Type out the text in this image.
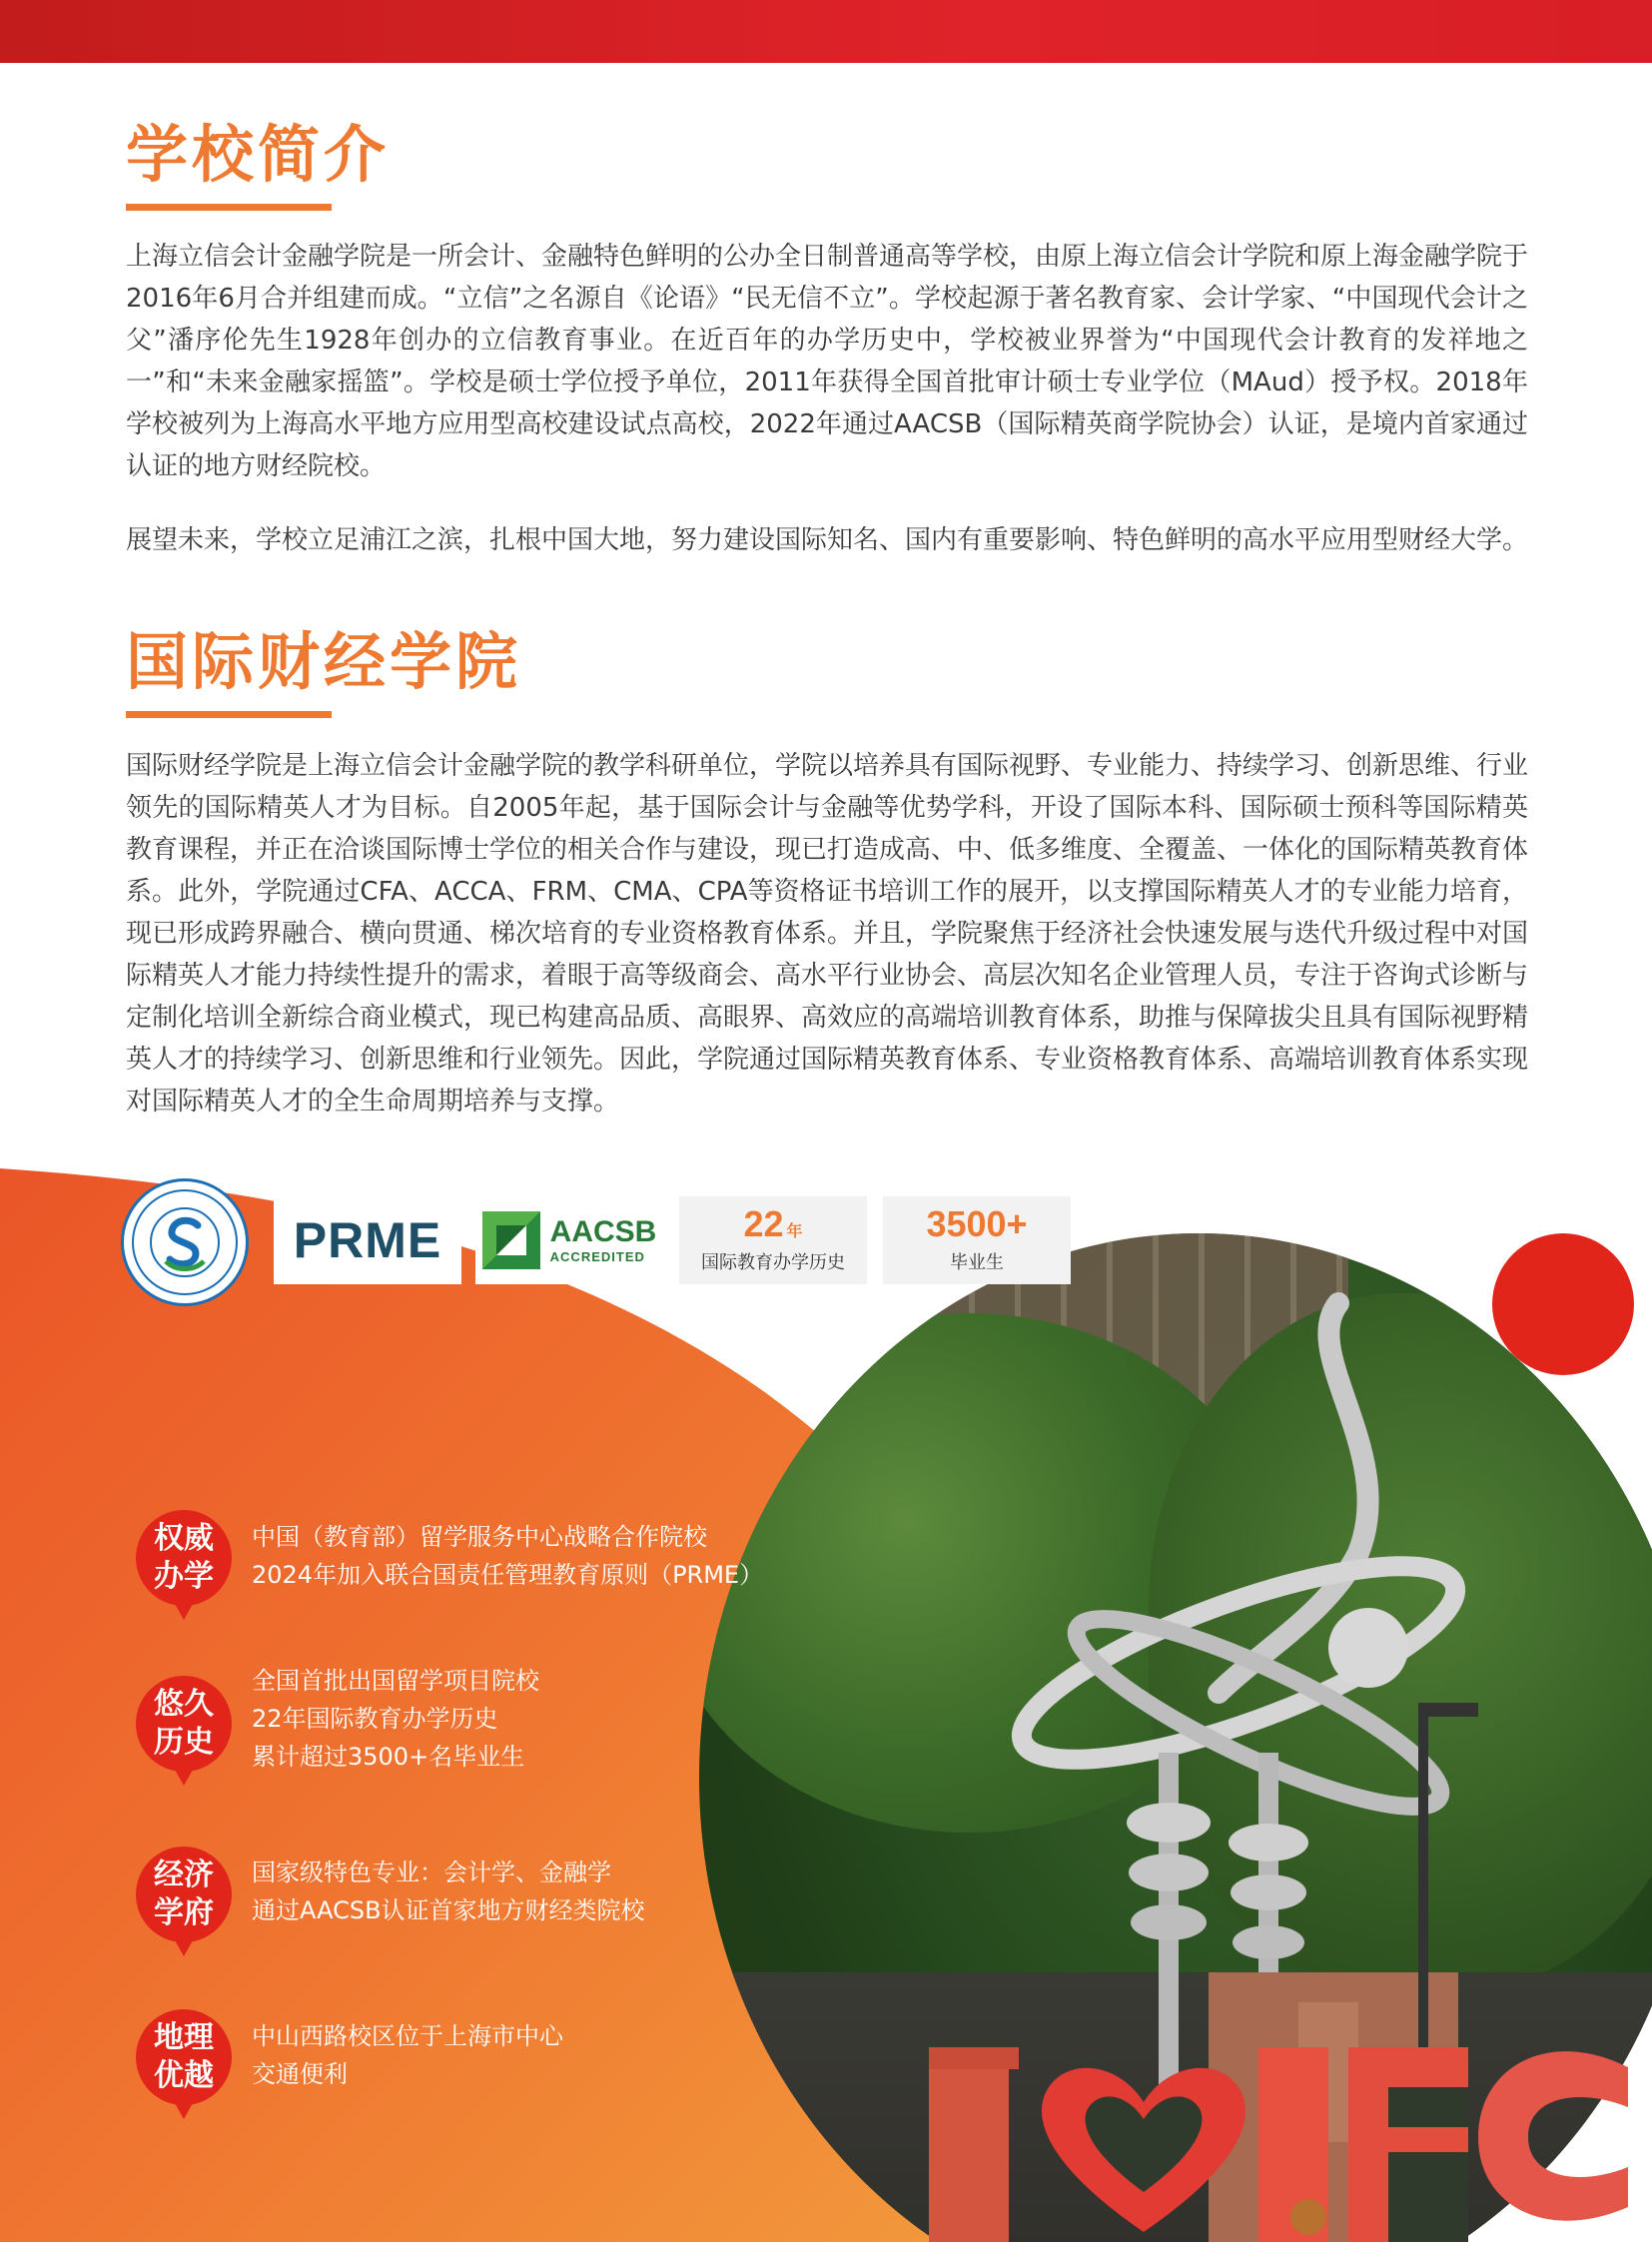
学校简介

上海立信会计金融学院是一所会计、金融特色鲜明的公办全日制普通高等学校，由原上海立信会计学院和原上海金融学院于2016年6月合并组建而成。“立信”之名源自《论语》“民无信不立”。学校起源于著名教育家、会计学家、“中国现代会计之父”潘序伦先生1928年创办的立信教育事业。在近百年的办学历史中，学校被业界誉为“中国现代会计教育的发祥地之一”和“未来金融家摇篮”。学校是硕士学位授予单位，2011年获得全国首批审计硕士专业学位（MAud）授予权。2018年学校被列为上海高水平地方应用型高校建设试点高校，2022年通过AACSB（国际精英商学院协会）认证，是境内首家通过认证的地方财经院校。

展望未来，学校立足浦江之滨，扎根中国大地，努力建设国际知名、国内有重要影响、特色鲜明的高水平应用型财经大学。

国际财经学院

国际财经学院是上海立信会计金融学院的教学科研单位，学院以培养具有国际视野、专业能力、持续学习、创新思维、行业领先的国际精英人才为目标。自2005年起，基于国际会计与金融等优势学科，开设了国际本科、国际硕士预科等国际精英教育课程，并正在洽谈国际博士学位的相关合作与建设，现已打造成高、中、低多维度、全覆盖、一体化的国际精英教育体系。此外，学院通过CFA、ACCA、FRM、CMA、CPA等资格证书培训工作的展开，以支撑国际精英人才的专业能力培育，现已形成跨界融合、横向贯通、梯次培育的专业资格教育体系。并且，学院聚焦于经济社会快速发展与迭代升级过程中对国际精英人才能力持续性提升的需求，着眼于高等级商会、高水平行业协会、高层次知名企业管理人员，专注于咨询式诊断与定制化培训全新综合商业模式，现已构建高品质、高眼界、高效应的高端培训教育体系，助推与保障拔尖且具有国际视野精英人才的持续学习、创新思维和行业领先。因此，学院通过国际精英教育体系、专业资格教育体系、高端培训教育体系实现对国际精英人才的全生命周期培养与支撑。

PRME	AACSB
ACCREDITED
22 年
国际教育办学历史
3500+
毕业生
权威
办学
中国（教育部）留学服务中心战略合作院校
2024年加入联合国责任管理教育原则（PRME）
悠久
历史
全国首批出国留学项目院校
22年国际教育办学历史
累计超过3500+名毕业生
经济
学府
国家级特色专业：会计学、金融学
通过AACSB认证首家地方财经类院校
地理
优越
中山西路校区位于上海市中心
交通便利
